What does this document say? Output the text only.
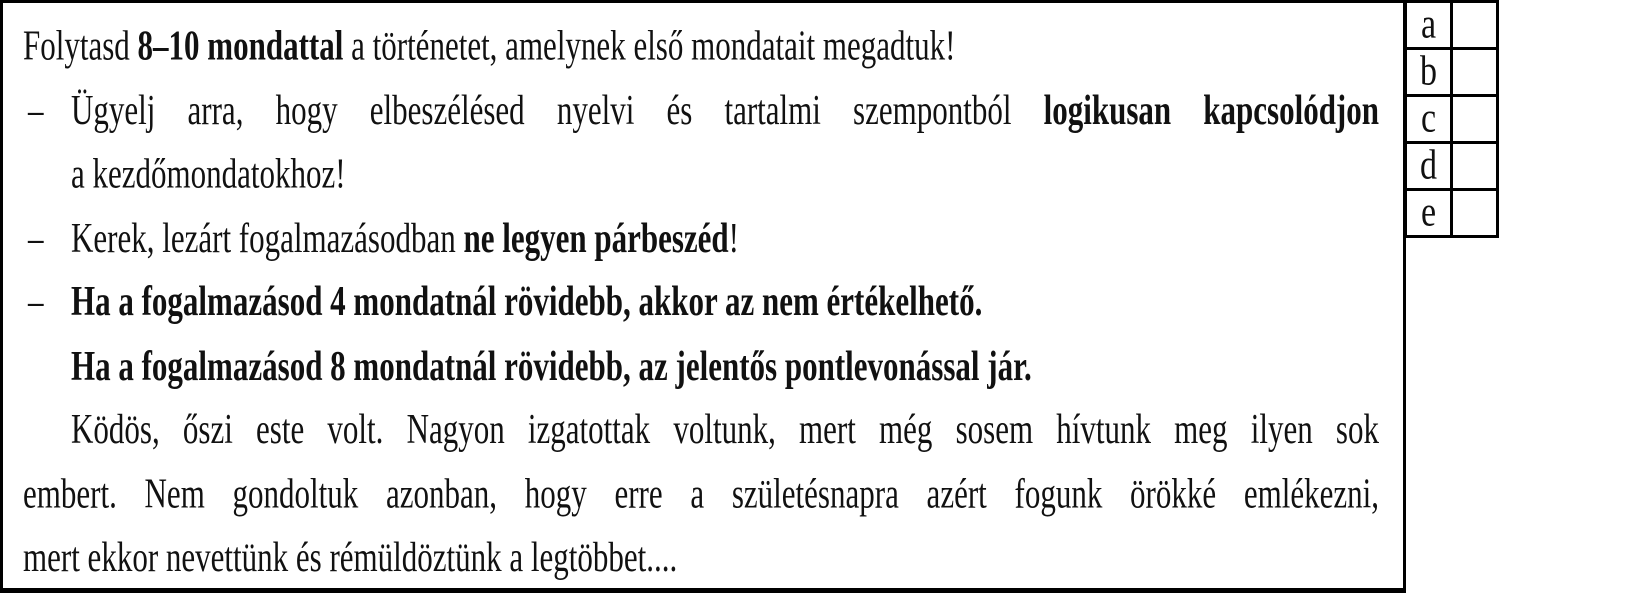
Folytasd 8–10 mondattal a történetet, amelynek első mondatait megadtuk!
– Ügyelj arra, hogy elbeszélésed nyelvi és tartalmi szempontból logikusan kapcsolódjon
a kezdőmondatokhoz!
– Kerek, lezárt fogalmazásodban ne legyen párbeszéd!
– Ha a fogalmazásod 4 mondatnál rövidebb, akkor az nem értékelhető.
Ha a fogalmazásod 8 mondatnál rövidebb, az jelentős pontlevonással jár.
Ködös, őszi este volt. Nagyon izgatottak voltunk, mert még sosem hívtunk meg ilyen sok
embert. Nem gondoltuk azonban, hogy erre a születésnapra azért fogunk örökké emlékezni,
mert ekkor nevettünk és rémüldöztünk a legtöbbet....
a	
b	
c	
d	
e	
